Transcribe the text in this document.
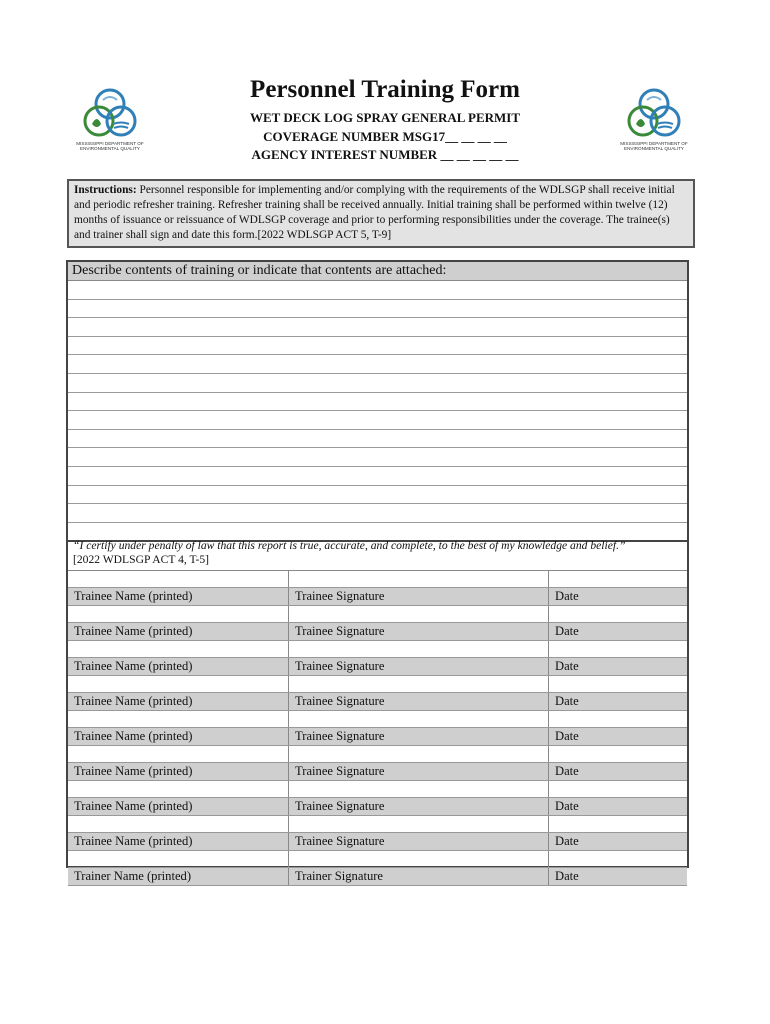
MISSISSIPPI DEPARTMENT OF ENVIRONMENTAL QUALITY
MISSISSIPPI DEPARTMENT OF ENVIRONMENTAL QUALITY
Personnel Training Form
WET DECK LOG SPRAY GENERAL PERMIT
COVERAGE NUMBER MSG17__ __ __ __
AGENCY INTEREST NUMBER __ __ __ __ __
Instructions: Personnel responsible for implementing and/or complying with the requirements of the WDLSGP shall receive initial and periodic refresher training. Refresher training shall be received annually. Initial training shall be performed within twelve (12) months of issuance or reissuance of WDLSGP coverage and prior to performing responsibilities under the coverage. The trainee(s) and trainer shall sign and date this form.[2022 WDLSGP ACT 5, T-9]
Describe contents of training or indicate that contents are attached:
“I certify under penalty of law that this report is true, accurate, and complete, to the best of my knowledge and belief.”
[2022 WDLSGP ACT 4, T-5]
Trainee Name (printed)	Trainee Signature	Date
Trainee Name (printed)	Trainee Signature	Date
Trainee Name (printed)	Trainee Signature	Date
Trainee Name (printed)	Trainee Signature	Date
Trainee Name (printed)	Trainee Signature	Date
Trainee Name (printed)	Trainee Signature	Date
Trainee Name (printed)	Trainee Signature	Date
Trainee Name (printed)	Trainee Signature	Date
Trainer Name (printed)	Trainer Signature	Date
